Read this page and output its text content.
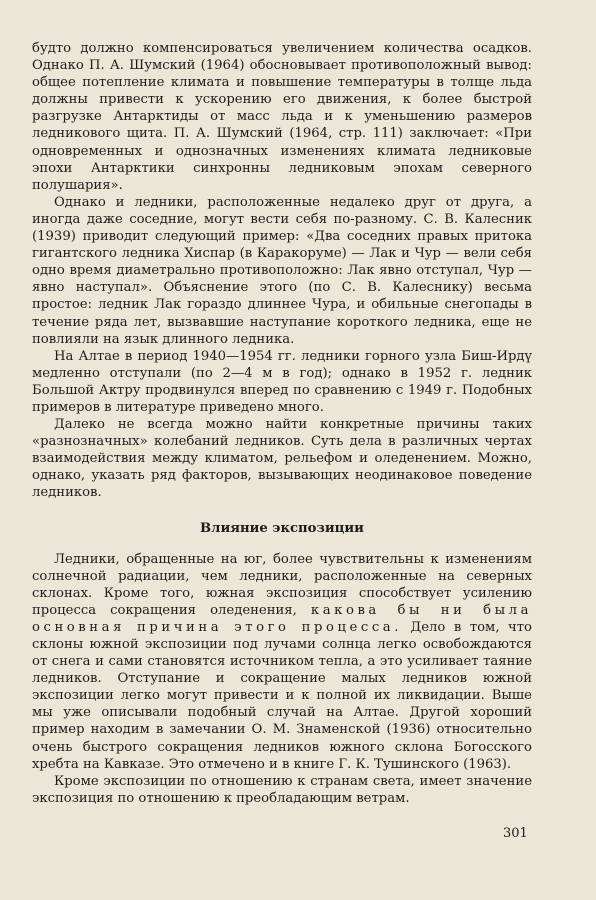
будто должно компенсироваться увеличением количества осадков. Однако П. А. Шумский (1964) обосновывает противоположный вывод: общее потепление климата и повышение температуры в толще льда должны привести к ускорению его движения, к более быстрой разгрузке Антарктиды от масс льда и к уменьшению размеров ледникового щита. П. А. Шумский (1964, стр. 111) заключает: «При одновременных и однозначных изменениях климата ледниковые эпохи Антарктики синхронны ледниковым эпохам северного полушария».

Однако и ледники, расположенные недалеко друг от друга, а иногда даже соседние, могут вести себя по-разному. С. В. Калесник (1939) приводит следующий пример: «Два соседних правых притока гигантского ледника Хиспар (в Каракоруме) — Лак и Чур — вели себя одно время диаметрально противоположно: Лак явно отступал, Чур — явно наступал». Объяснение этого (по С. В. Калеснику) весьма простое: ледник Лак гораздо длиннее Чура, и обильные снегопады в течение ряда лет, вызвавшие наступание короткого ледника, еще не повлияли на язык длинного ледника.

На Алтае в период 1940—1954 гг. ледники горного узла Биш-Ирдү медленно отступали (по 2—4 м в год); однако в 1952 г. ледник Большой Актру продвинулся вперед по сравнению с 1949 г. Подобных примеров в литературе приведено много.

Далеко не всегда можно найти конкретные причины таких «разнозначных» колебаний ледников. Суть дела в различных чертах взаимодействия между климатом, рельефом и оледенением. Можно, однако, указать ряд факторов, вызывающих неодинаковое поведение ледников.

Влияние экспозиции

Ледники, обращенные на юг, более чувствительны к изменениям солнечной радиации, чем ледники, расположенные на северных склонах. Кроме того, южная экспозиция способствует усилению процесса сокращения оледенения, какова бы ни была основная причина этого процесса. Дело в том, что склоны южной экспозиции под лучами солнца легко освобождаются от снега и сами становятся источником тепла, а это усиливает таяние ледников. Отступание и сокращение малых ледников южной экспозиции легко могут привести и к полной их ликвидации. Выше мы уже описывали подобный случай на Алтае. Другой хороший пример находим в замечании О. М. Знаменской (1936) относительно очень быстрого сокращения ледников южного склона Богосского хребта на Кавказе. Это отмечено и в книге Г. К. Тушинского (1963).

Кроме экспозиции по отношению к странам света, имеет значение экспозиция по отношению к преобладающим ветрам.

301
